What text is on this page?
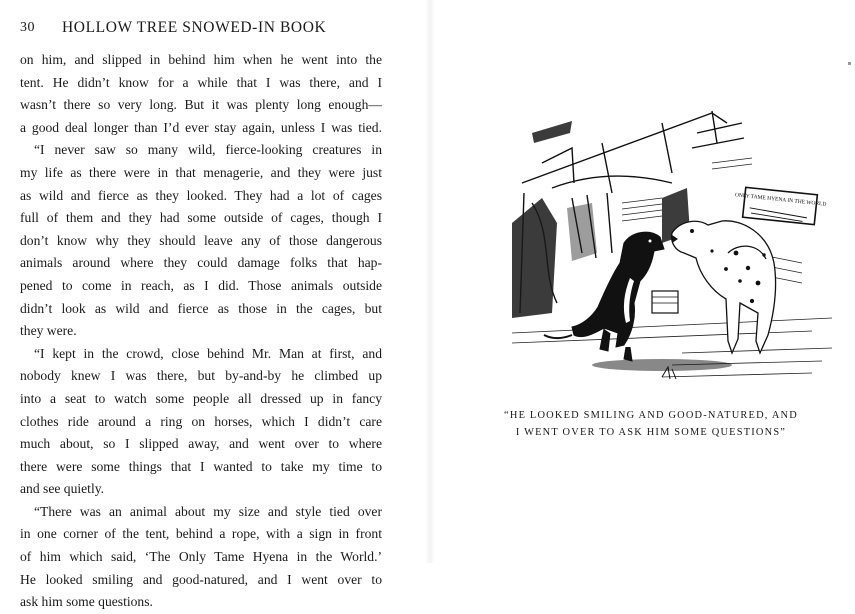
30 HOLLOW TREE SNOWED-IN BOOK
on him, and slipped in behind him when he went into the
tent. He didn’t know for a while that I was there, and I
wasn’t there so very long. But it was plenty long enough—
a good deal longer than I’d ever stay again, unless I was tied.
“I never saw so many wild, fierce-looking creatures in
my life as there were in that menagerie, and they were just
as wild and fierce as they looked. They had a lot of cages
full of them and they had some outside of cages, though I
don’t know why they should leave any of those dangerous
animals around where they could damage folks that hap-
pened to come in reach, as I did. Those animals outside
didn’t look as wild and fierce as those in the cages, but
they were.
“I kept in the crowd, close behind Mr. Man at first, and
nobody knew I was there, but by-and-by he climbed up
into a seat to watch some people all dressed up in fancy
clothes ride around a ring on horses, which I didn’t care
much about, so I slipped away, and went over to where
there were some things that I wanted to take my time to
and see quietly.
“There was an animal about my size and style tied over
in one corner of the tent, behind a rope, with a sign in front
of him which said, ‘The Only Tame Hyena in the World.’
He looked smiling and good-natured, and I went over to
ask him some questions.
ONLY TAME HYENA IN THE WORLD
“HE LOOKED SMILING AND GOOD-NATURED, AND
I WENT OVER TO ASK HIM SOME QUESTIONS”
